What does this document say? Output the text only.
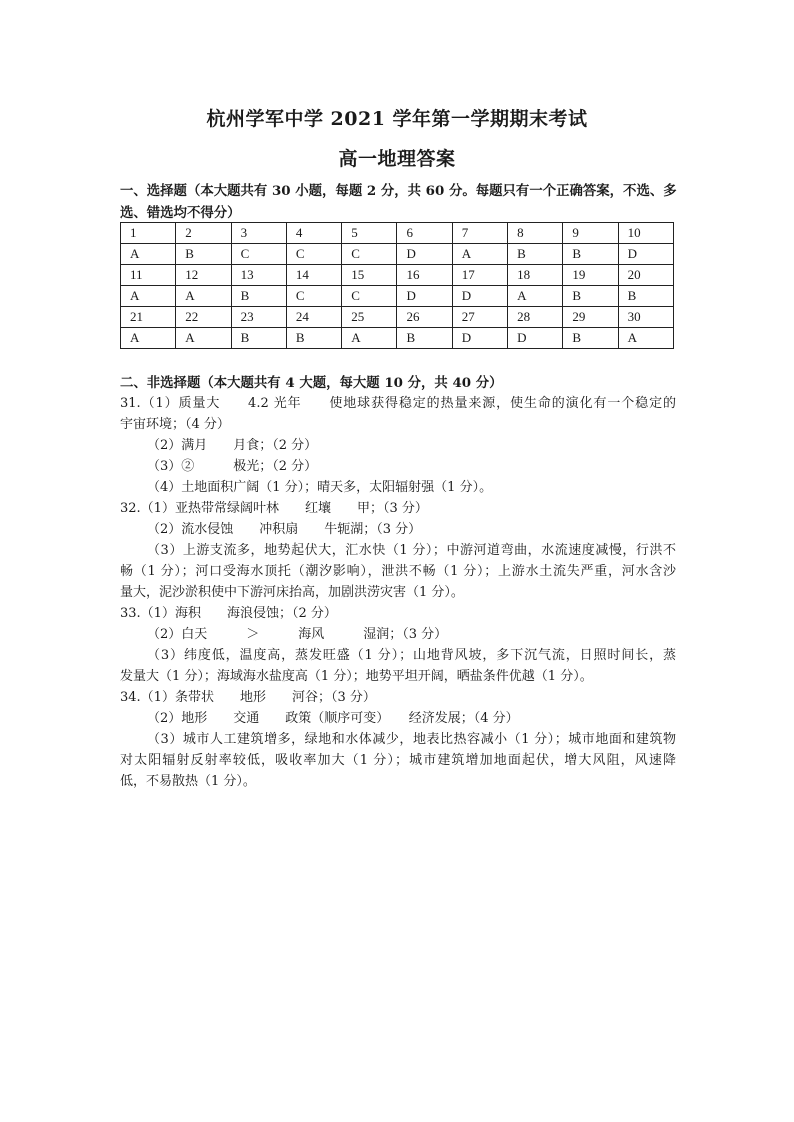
杭州学军中学 2021 学年第一学期期末考试
高一地理答案
一、选择题（本大题共有 30 小题，每题 2 分，共 60 分。每题只有一个正确答案，不选、多
选、错选均不得分）
1	2	3	4	5	6	7	8	9	10
A	B	C	C	C	D	A	B	B	D
11	12	13	14	15	16	17	18	19	20
A	A	B	C	C	D	D	A	B	B
21	22	23	24	25	26	27	28	29	30
A	A	B	B	A	B	D	D	B	A
二、非选择题（本大题共有 4 大题，每大题 10 分，共 40 分）
31.（1）质量大　　4.2 光年　　使地球获得稳定的热量来源，使生命的演化有一个稳定的
宇宙环境；（4 分）
（2）满月　　月食；（2 分）
（3）②　　　极光；（2 分）
（4）土地面积广阔（1 分）；晴天多，太阳辐射强（1 分）。
32.（1）亚热带常绿阔叶林　　红壤　　甲；（3 分）
（2）流水侵蚀　　冲积扇　　牛轭湖；（3 分）
（3）上游支流多，地势起伏大，汇水快（1 分）；中游河道弯曲，水流速度减慢，行洪不
畅（1 分）；河口受海水顶托（潮汐影响），泄洪不畅（1 分）；上游水土流失严重，河水含沙
量大，泥沙淤积使中下游河床抬高，加剧洪涝灾害（1 分）。
33.（1）海积　　海浪侵蚀；（2 分）
（2）白天　　　＞　　　海风　　　湿润；（3 分）
（3）纬度低，温度高，蒸发旺盛（1 分）；山地背风坡，多下沉气流，日照时间长，蒸
发量大（1 分）；海域海水盐度高（1 分）；地势平坦开阔，晒盐条件优越（1 分）。
34.（1）条带状　　地形　　河谷；（3 分）
（2）地形　　交通　　政策（顺序可变）　　经济发展；（4 分）
（3）城市人工建筑增多，绿地和水体减少，地表比热容减小（1 分）；城市地面和建筑物
对太阳辐射反射率较低，吸收率加大（1 分）；城市建筑增加地面起伏，增大风阻，风速降
低，不易散热（1 分）。
